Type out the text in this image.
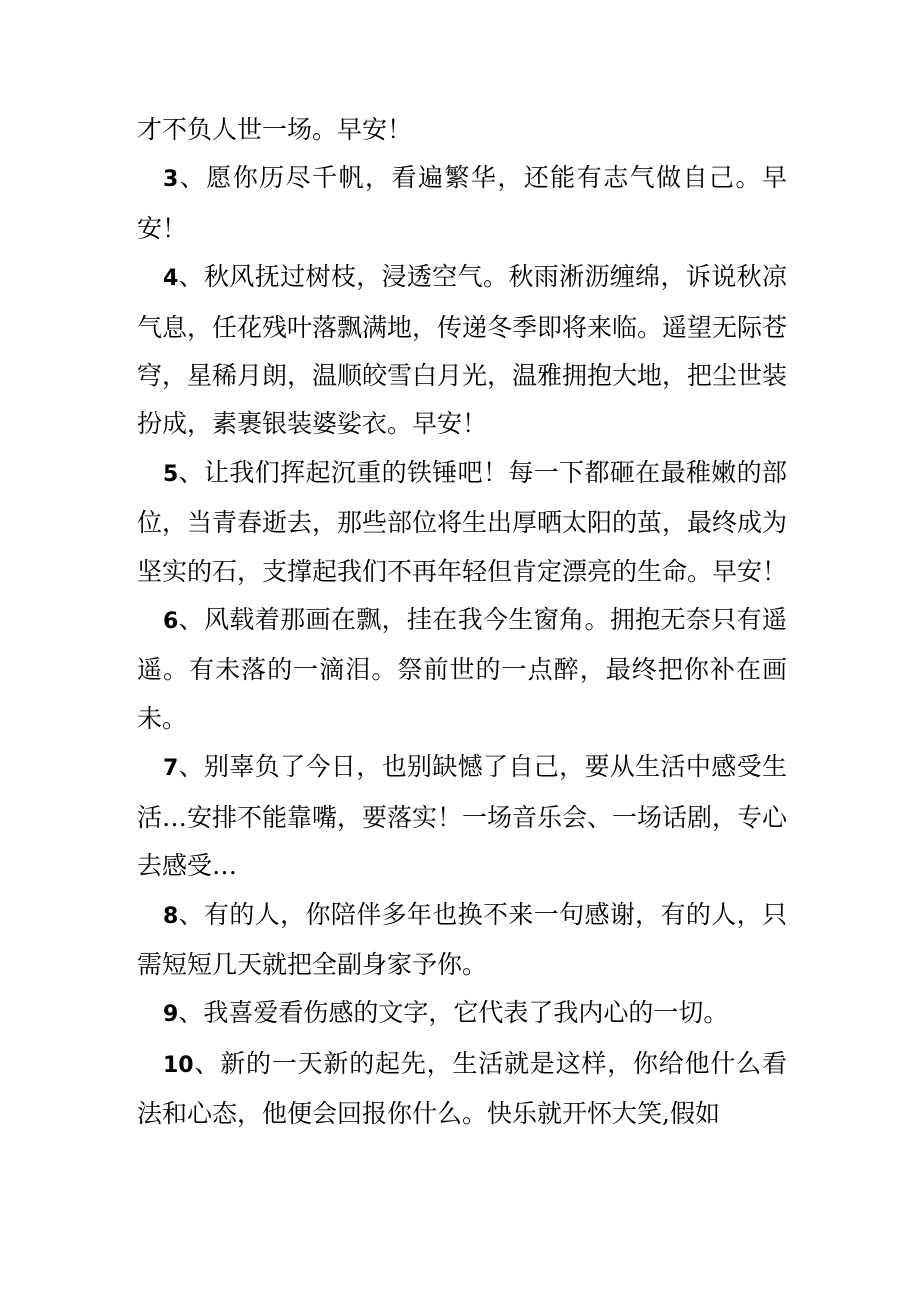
才不负人世一场。早安！

3、愿你历尽千帆，看遍繁华，还能有志气做自己。早安！

4、秋风抚过树枝，浸透空气。秋雨淅沥缠绵，诉说秋凉气息，任花残叶落飘满地，传递冬季即将来临。遥望无际苍穹，星稀月朗，温顺皎雪白月光，温雅拥抱大地，把尘世装扮成，素裹银装婆娑衣。早安！

5、让我们挥起沉重的铁锤吧！每一下都砸在最稚嫩的部位，当青春逝去，那些部位将生出厚晒太阳的茧，最终成为坚实的石，支撑起我们不再年轻但肯定漂亮的生命。早安！

6、风载着那画在飘，挂在我今生窗角。拥抱无奈只有遥遥。有未落的一滴泪。祭前世的一点醉，最终把你补在画未。

7、别辜负了今日，也别缺憾了自己，要从生活中感受生活…安排不能靠嘴，要落实！一场音乐会、一场话剧，专心去感受…

8、有的人，你陪伴多年也换不来一句感谢，有的人，只需短短几天就把全副身家予你。

9、我喜爱看伤感的文字，它代表了我内心的一切。

10、新的一天新的起先，生活就是这样，你给他什么看法和心态，他便会回报你什么。快乐就开怀大笑,假如
